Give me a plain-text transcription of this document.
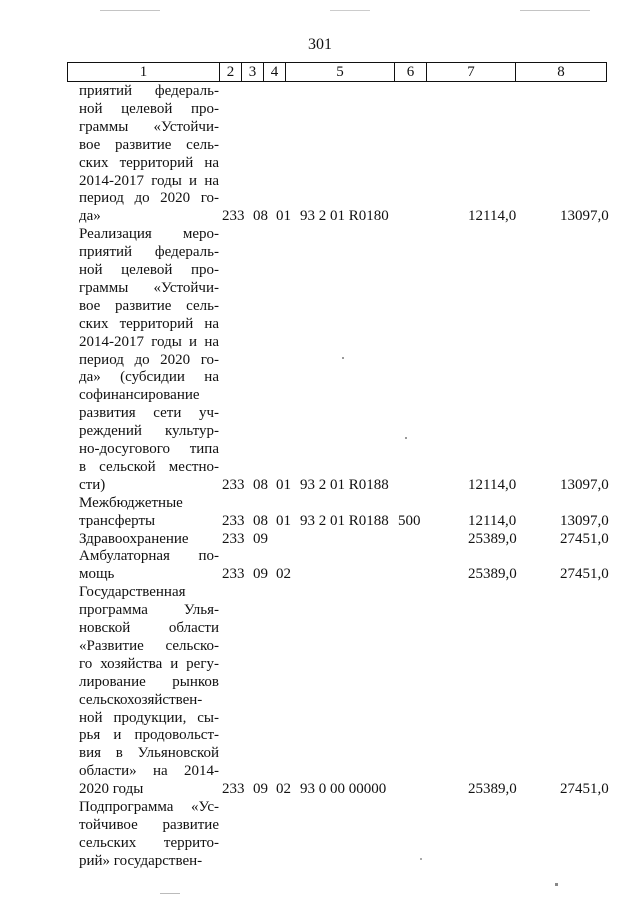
301
1	2 3 4	5	6	7	8
приятий федераль-
ной целевой про-
граммы «Устойчи-
вое развитие сель-
ских территорий на
2014-2017 годы и на
период до 2020 го-
да»	233 08 01 93 2 01 R0180	12114,0	13097,0
Реализация меро-
приятий федераль-
ной целевой про-
граммы «Устойчи-
вое развитие сель-
ских территорий на
2014-2017 годы и на
период до 2020 го-
да» (субсидии на
софинансирование
развития сети уч-
реждений культур-
но-досугового типа
в сельской местно-
сти)	233 08 01 93 2 01 R0188	12114,0	13097,0
Межбюджетные
трансферты	233 08 01 93 2 01 R0188 500	12114,0	13097,0
Здравоохранение	233 09	25389,0	27451,0
Амбулаторная по-
мощь	233 09 02	25389,0	27451,0
Государственная
программа Улья-
новской области
«Развитие сельско-
го хозяйства и регу-
лирование рынков
сельскохозяйствен-
ной продукции, сы-
рья и продовольст-
вия в Ульяновской
области» на 2014-
2020 годы	233 09 02 93 0 00 00000	25389,0	27451,0
Подпрограмма «Ус-
тойчивое развитие
сельских террито-
рий» государствен-
